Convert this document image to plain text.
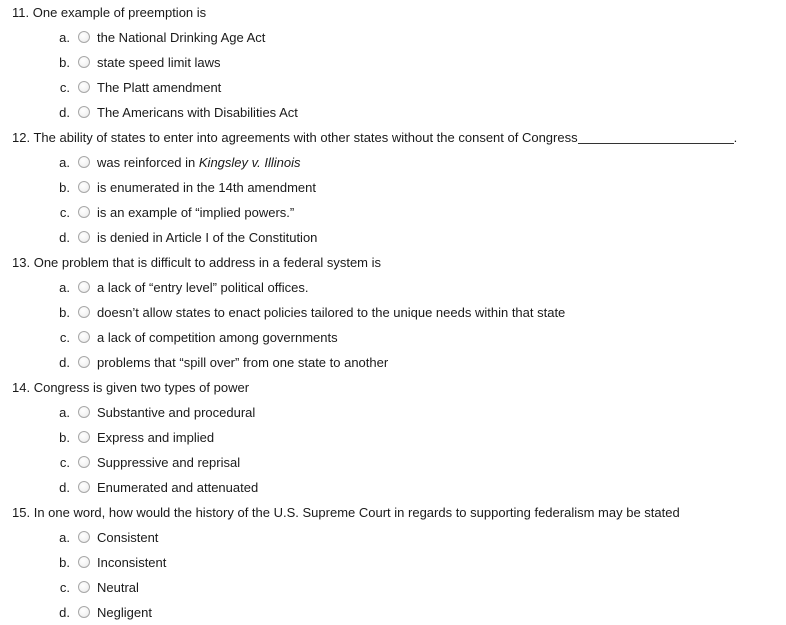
11. One example of preemption is
a. the National Drinking Age Act
b. state speed limit laws
c. The Platt amendment
d. The Americans with Disabilities Act
12. The ability of states to enter into agreements with other states without the consent of Congress	.
a. was reinforced in Kingsley v. Illinois
b. is enumerated in the 14th amendment
c. is an example of “implied powers.”
d. is denied in Article I of the Constitution
13. One problem that is difficult to address in a federal system is
a. a lack of “entry level” political offices.
b. doesn’t allow states to enact policies tailored to the unique needs within that state
c. a lack of competition among governments
d. problems that “spill over” from one state to another
14. Congress is given two types of power
a. Substantive and procedural
b. Express and implied
c. Suppressive and reprisal
d. Enumerated and attenuated
15. In one word, how would the history of the U.S. Supreme Court in regards to supporting federalism may be stated
a. Consistent
b. Inconsistent
c. Neutral
d. Negligent
